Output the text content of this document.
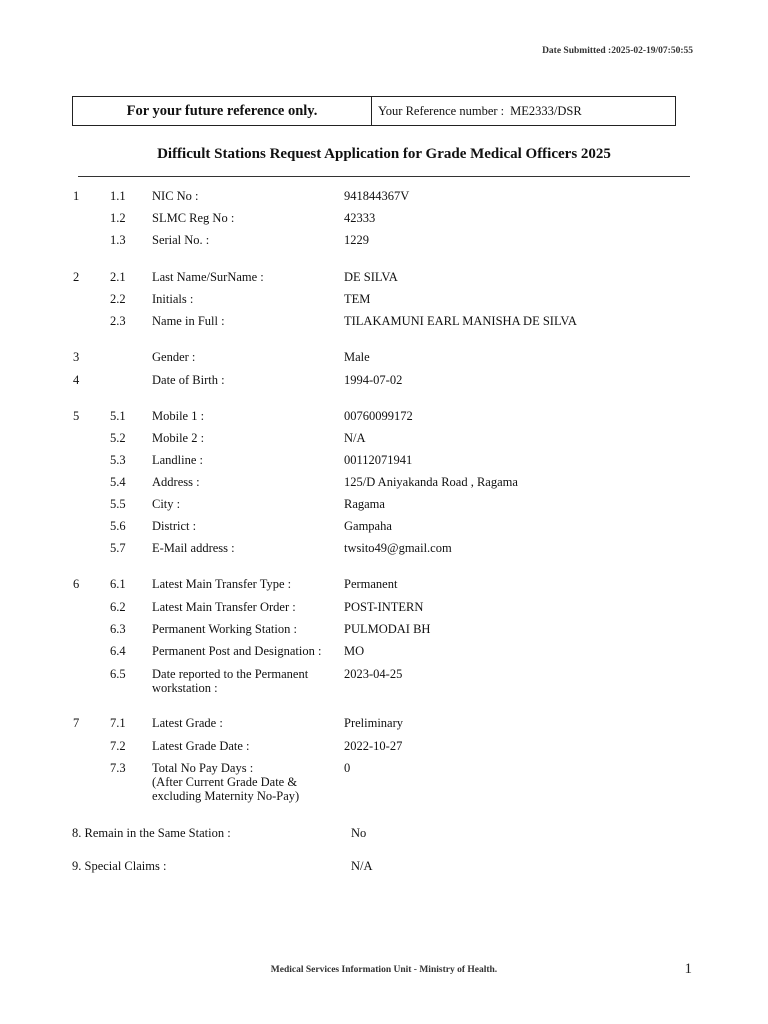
Date Submitted :2025-02-19/07:50:55
For your future reference only.	Your Reference number : ME2333/DSR
Difficult Stations Request Application for Grade Medical Officers 2025
1 1.1 NIC No :	941844367V
1.2 SLMC Reg No :	42333
1.3 Serial No. :	1229
2 2.1 Last Name/SurName :	DE SILVA
2.2 Initials :	TEM
2.3 Name in Full :	TILAKAMUNI EARL MANISHA DE SILVA
3	Gender :	Male
4	Date of Birth :	1994-07-02
5 5.1 Mobile 1 :	00760099172
5.2 Mobile 2 :	N/A
5.3 Landline :	00112071941
5.4 Address :	125/D Aniyakanda Road , Ragama
5.5 City :	Ragama
5.6 District :	Gampaha
5.7 E-Mail address :	twsito49@gmail.com
6 6.1 Latest Main Transfer Type :	Permanent
6.2 Latest Main Transfer Order :	POST-INTERN
6.3 Permanent Working Station :	PULMODAI BH
6.4 Permanent Post and Designation :	MO
6.5 Date reported to the Permanent
workstation :
2023-04-25
7 7.1 Latest Grade :	Preliminary
7.2 Latest Grade Date :	2022-10-27
7.3 Total No Pay Days :
(After Current Grade Date &
excluding Maternity No-Pay)
0
8. Remain in the Same Station :	No
9. Special Claims :	N/A
Medical Services Information Unit - Ministry of Health.	1
